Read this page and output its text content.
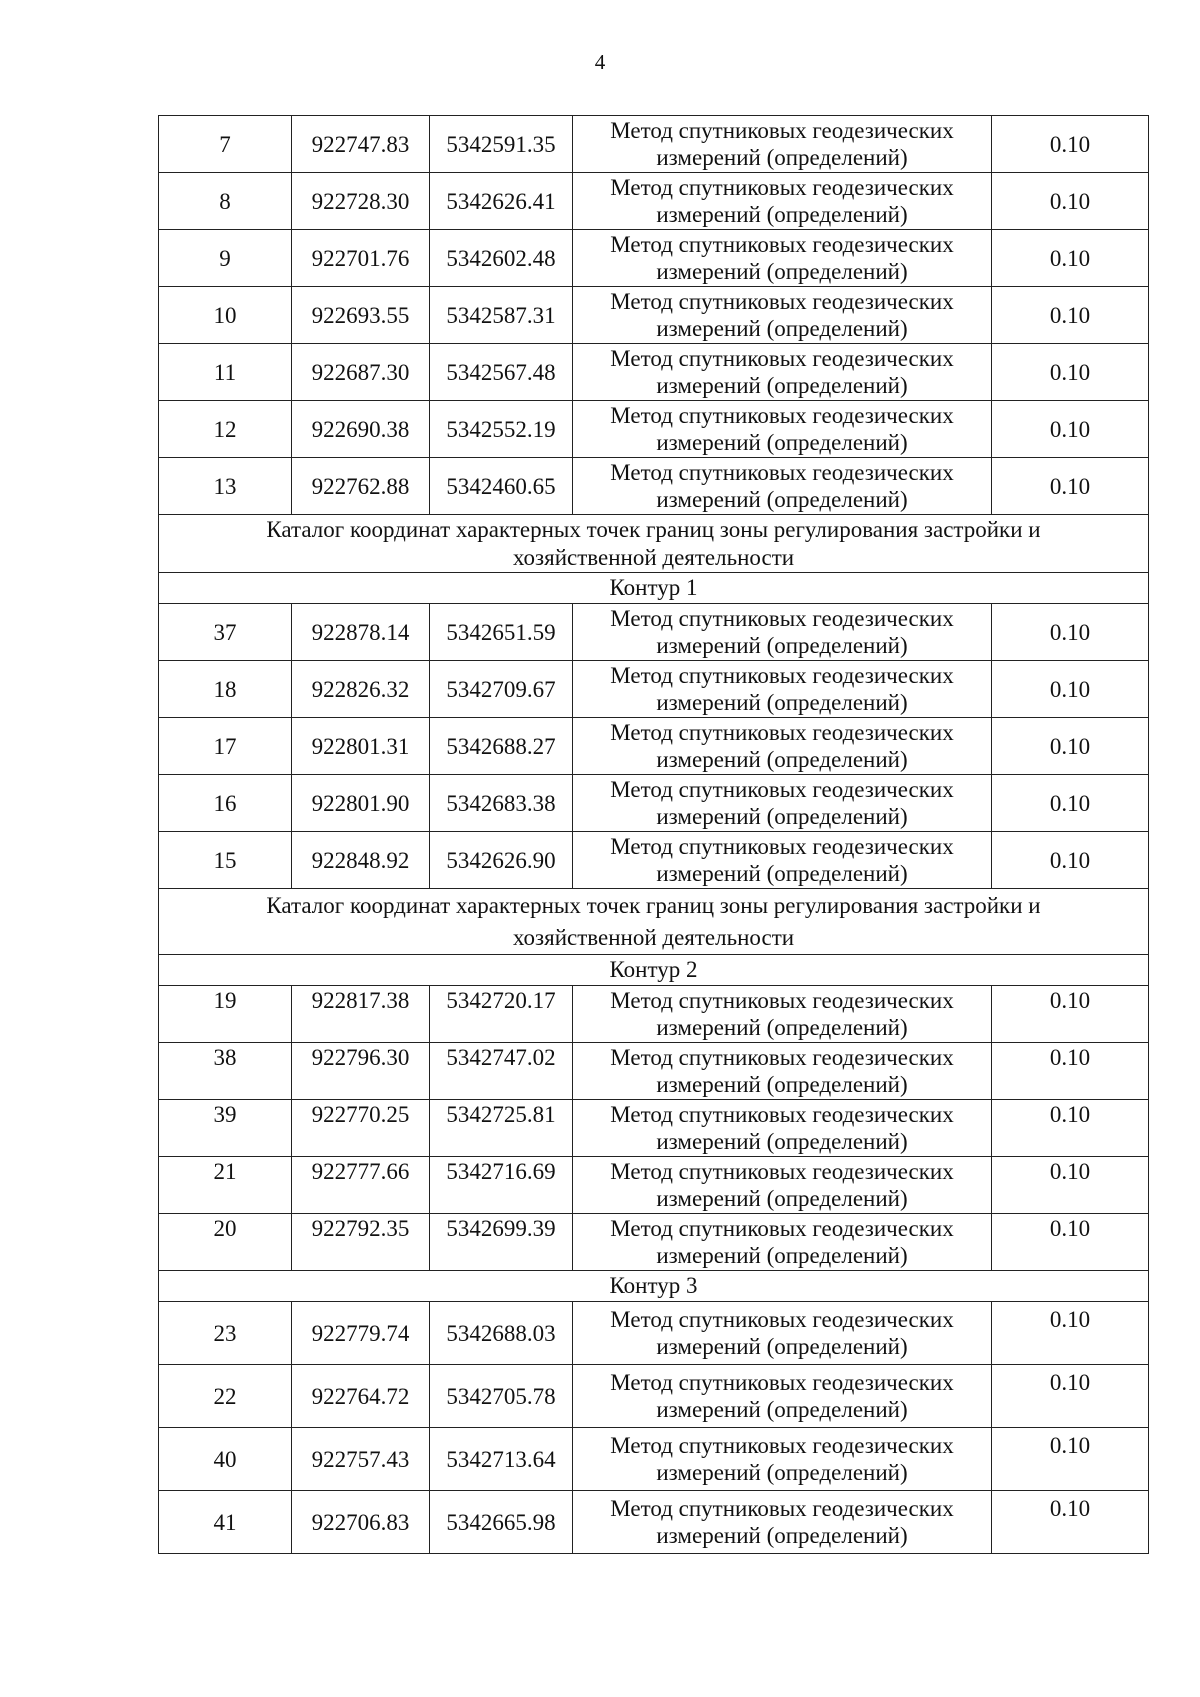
4
7	922747.83	5342591.35	Метод спутниковых геодезических
измерений (определений)	0.10
8	922728.30	5342626.41	Метод спутниковых геодезических
измерений (определений)	0.10
9	922701.76	5342602.48	Метод спутниковых геодезических
измерений (определений)	0.10
10	922693.55	5342587.31	Метод спутниковых геодезических
измерений (определений)	0.10
11	922687.30	5342567.48	Метод спутниковых геодезических
измерений (определений)	0.10
12	922690.38	5342552.19	Метод спутниковых геодезических
измерений (определений)	0.10
13	922762.88	5342460.65	Метод спутниковых геодезических
измерений (определений)	0.10
Каталог координат характерных точек границ зоны регулирования застройки и хозяйственной деятельности				
Контур 1				
37	922878.14	5342651.59	Метод спутниковых геодезических
измерений (определений)	0.10
18	922826.32	5342709.67	Метод спутниковых геодезических
измерений (определений)	0.10
17	922801.31	5342688.27	Метод спутниковых геодезических
измерений (определений)	0.10
16	922801.90	5342683.38	Метод спутниковых геодезических
измерений (определений)	0.10
15	922848.92	5342626.90	Метод спутниковых геодезических
измерений (определений)	0.10
Каталог координат характерных точек границ зоны регулирования застройки и хозяйственной деятельности				
Контур 2				
19	922817.38	5342720.17	Метод спутниковых геодезических
измерений (определений)	0.10
38	922796.30	5342747.02	Метод спутниковых геодезических
измерений (определений)	0.10
39	922770.25	5342725.81	Метод спутниковых геодезических
измерений (определений)	0.10
21	922777.66	5342716.69	Метод спутниковых геодезических
измерений (определений)	0.10
20	922792.35	5342699.39	Метод спутниковых геодезических
измерений (определений)	0.10
Контур 3				
23	922779.74	5342688.03	Метод спутниковых геодезических
измерений (определений)	0.10
22	922764.72	5342705.78	Метод спутниковых геодезических
измерений (определений)	0.10
40	922757.43	5342713.64	Метод спутниковых геодезических
измерений (определений)	0.10
41	922706.83	5342665.98	Метод спутниковых геодезических
измерений (определений)	0.10
